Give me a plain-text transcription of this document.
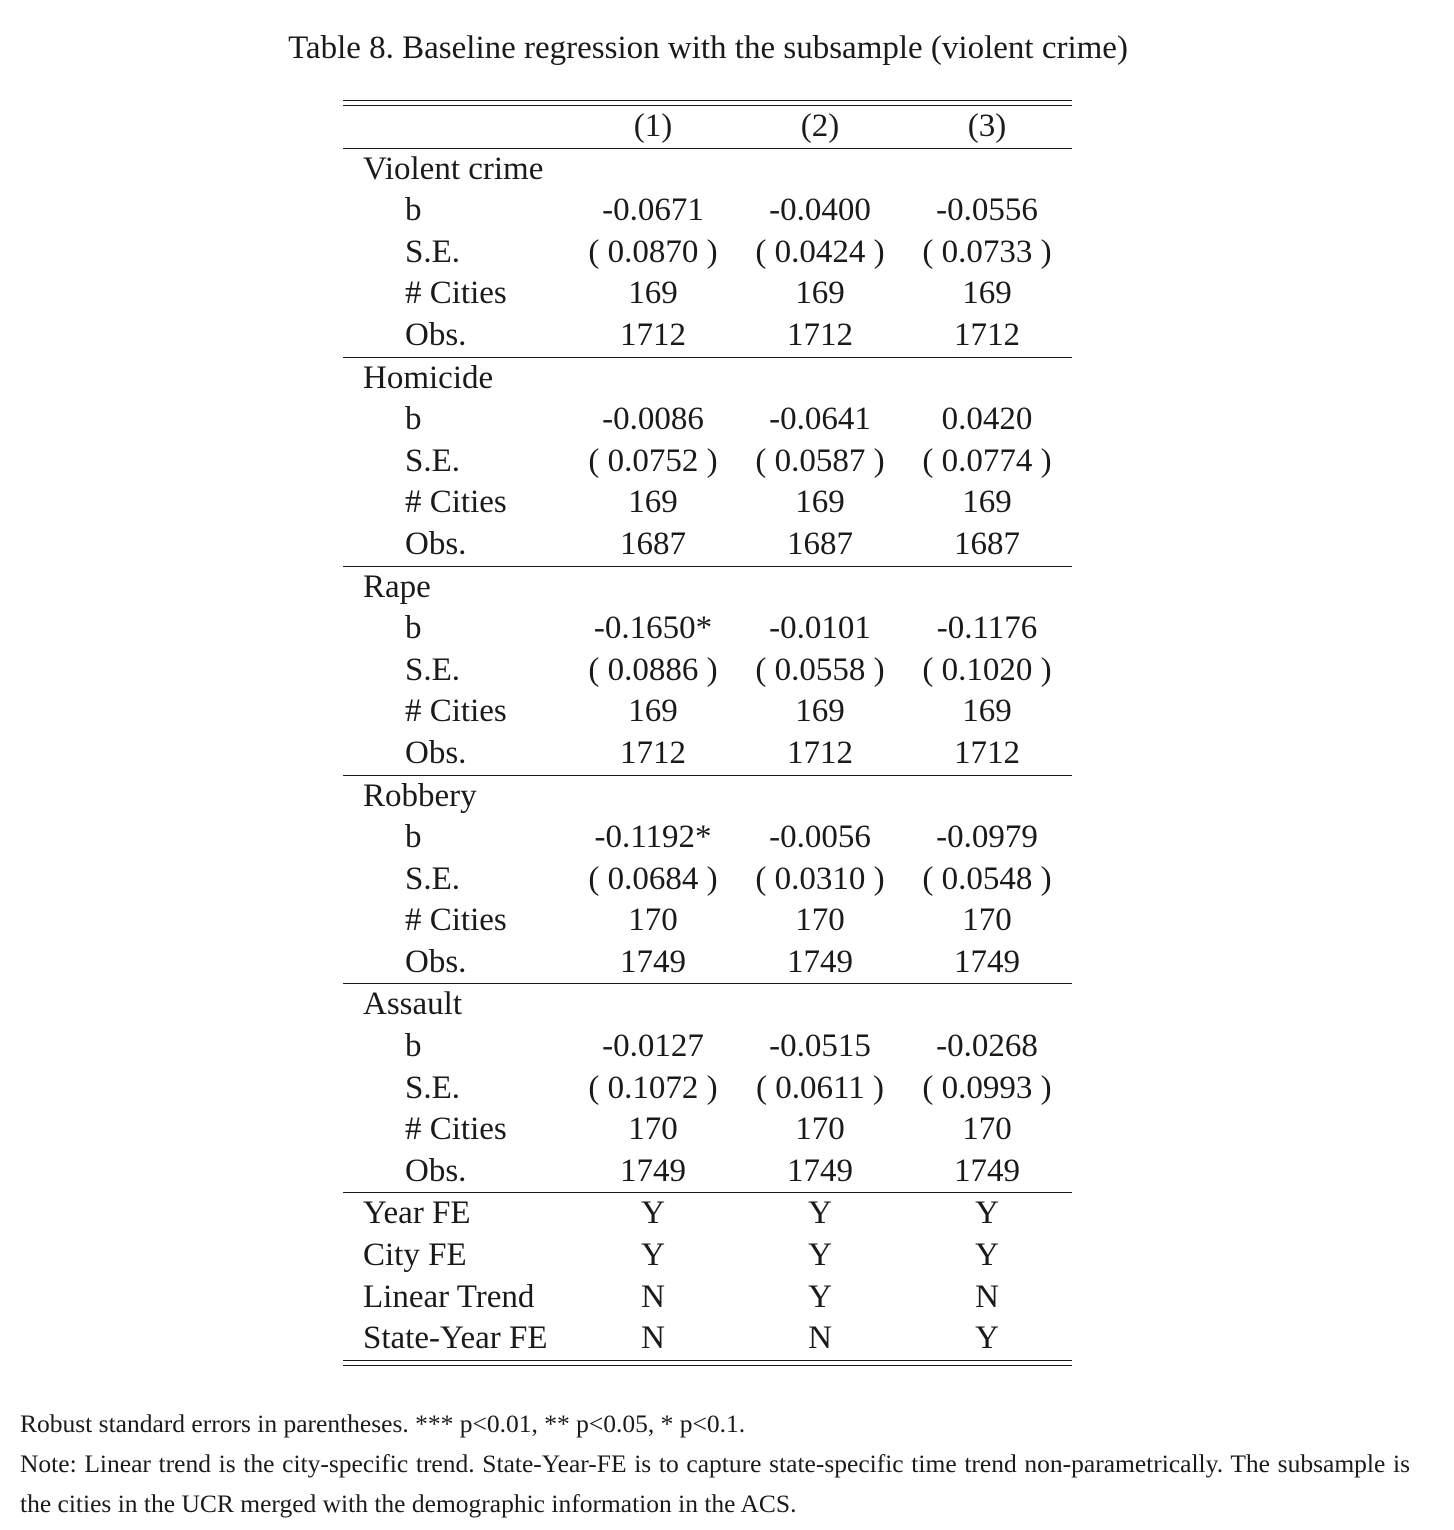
Table 8. Baseline regression with the subsample (violent crime)
(1)	(2)	(3)
Violent crime
b	-0.0671	-0.0400	-0.0556
S.E.	( 0.0870 )	( 0.0424 )	( 0.0733 )
# Cities	169	169	169
Obs.	1712	1712	1712
Homicide
b	-0.0086	-0.0641	0.0420
S.E.	( 0.0752 )	( 0.0587 )	( 0.0774 )
# Cities	169	169	169
Obs.	1687	1687	1687
Rape
b	-0.1650*	-0.0101	-0.1176
S.E.	( 0.0886 )	( 0.0558 )	( 0.1020 )
# Cities	169	169	169
Obs.	1712	1712	1712
Robbery
b	-0.1192*	-0.0056	-0.0979
S.E.	( 0.0684 )	( 0.0310 )	( 0.0548 )
# Cities	170	170	170
Obs.	1749	1749	1749
Assault
b	-0.0127	-0.0515	-0.0268
S.E.	( 0.1072 )	( 0.0611 )	( 0.0993 )
# Cities	170	170	170
Obs.	1749	1749	1749
Year FE	Y	Y	Y
City FE	Y	Y	Y
Linear Trend	N	Y	N
State-Year FE	N	N	Y

Robust standard errors in parentheses. *** p<0.01, ** p<0.05, * p<0.1.

Note: Linear trend is the city-specific trend. State-Year-FE is to capture state-specific time trend non-parametrically. The subsample is the cities in the UCR merged with the demographic information in the ACS.
